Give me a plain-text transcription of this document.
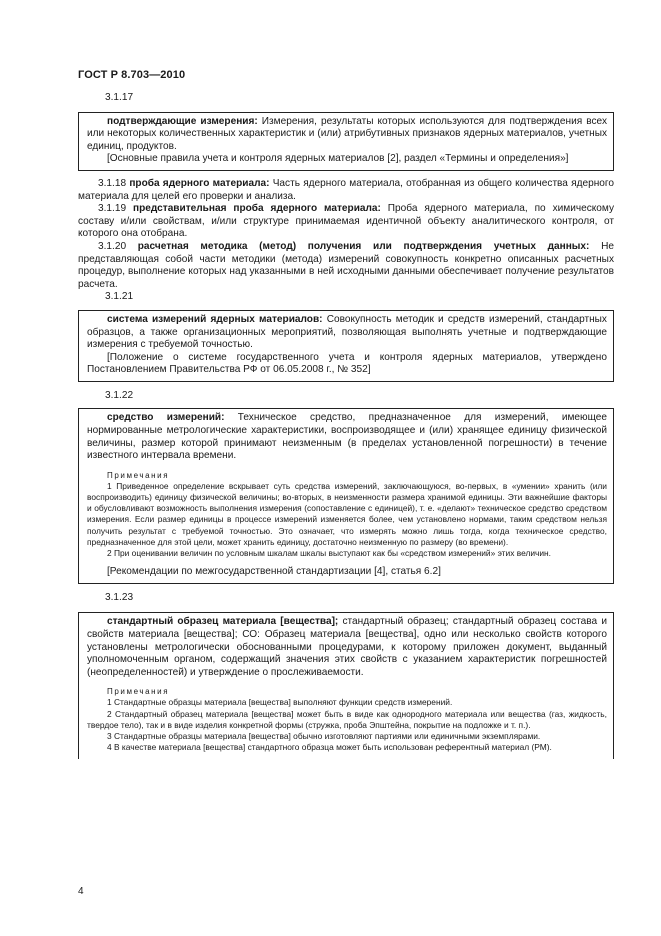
ГОСТ Р 8.703—2010

3.1.17

подтверждающие измерения: Измерения, результаты которых используются для подтверждения всех или некоторых количественных характеристик и (или) атрибутивных признаков ядерных материалов, учетных единиц, продуктов.

[Основные правила учета и контроля ядерных материалов [2], раздел «Термины и определения»]

3.1.18 проба ядерного материала: Часть ядерного материала, отобранная из общего количества ядерного материала для целей его проверки и анализа.

3.1.19 представительная проба ядерного материала: Проба ядерного материала, по химическому составу и/или свойствам, и/или структуре принимаемая идентичной объекту аналитического контроля, от которого она отобрана.

3.1.20 расчетная методика (метод) получения или подтверждения учетных данных: Не представляющая собой части методики (метода) измерений совокупность конкретно описанных расчетных процедур, выполнение которых над указанными в ней исходными данными обеспечивает получение результатов расчета.

3.1.21

система измерений ядерных материалов: Совокупность методик и средств измерений, стандартных образцов, а также организационных мероприятий, позволяющая выполнять учетные и подтверждающие измерения с требуемой точностью.

[Положение о системе государственного учета и контроля ядерных материалов, утверждено Постановлением Правительства РФ от 06.05.2008 г., № 352]

3.1.22

средство измерений: Техническое средство, предназначенное для измерений, имеющее нормированные метрологические характеристики, воспроизводящее и (или) хранящее единицу физической величины, размер которой принимают неизменным (в пределах установленной погрешности) в течение известного интервала времени.

Примечания

1 Приведенное определение вскрывает суть средства измерений, заключающуюся, во-первых, в «умении» хранить (или воспроизводить) единицу физической величины; во-вторых, в неизменности размера хранимой единицы. Эти важнейшие факторы и обусловливают возможность выполнения измерения (сопоставление с единицей), т. е. «делают» техническое средство средством измерения. Если размер единицы в процессе измерений изменяется более, чем установлено нормами, таким средством нельзя получить результат с требуемой точностью. Это означает, что измерять можно лишь тогда, когда техническое средство, предназначенное для этой цели, может хранить единицу, достаточно неизменную по размеру (во времени).

2 При оценивании величин по условным шкалам шкалы выступают как бы «средством измерений» этих величин.

[Рекомендации по межгосударственной стандартизации [4], статья 6.2]

3.1.23

стандартный образец материала [вещества]; стандартный образец; стандартный образец состава и свойств материала [вещества]; СО: Образец материала [вещества], одно или несколько свойств которого установлены метрологически обоснованными процедурами, к которому приложен документ, выданный уполномоченным органом, содержащий значения этих свойств с указанием характеристик погрешностей (неопределенностей) и утверждение о прослеживаемости.

Примечания

1 Стандартные образцы материала [вещества] выполняют функции средств измерений.

2 Стандартный образец материала [вещества] может быть в виде как однородного материала или вещества (газ, жидкость, твердое тело), так и в виде изделия конкретной формы (стружка, проба Эпштейна, покрытие на подложке и т. п.).

3 Стандартные образцы материала [вещества] обычно изготовляют партиями или единичными экземплярами.

4 В качестве материала [вещества] стандартного образца может быть использован референтный материал (РМ).

4
